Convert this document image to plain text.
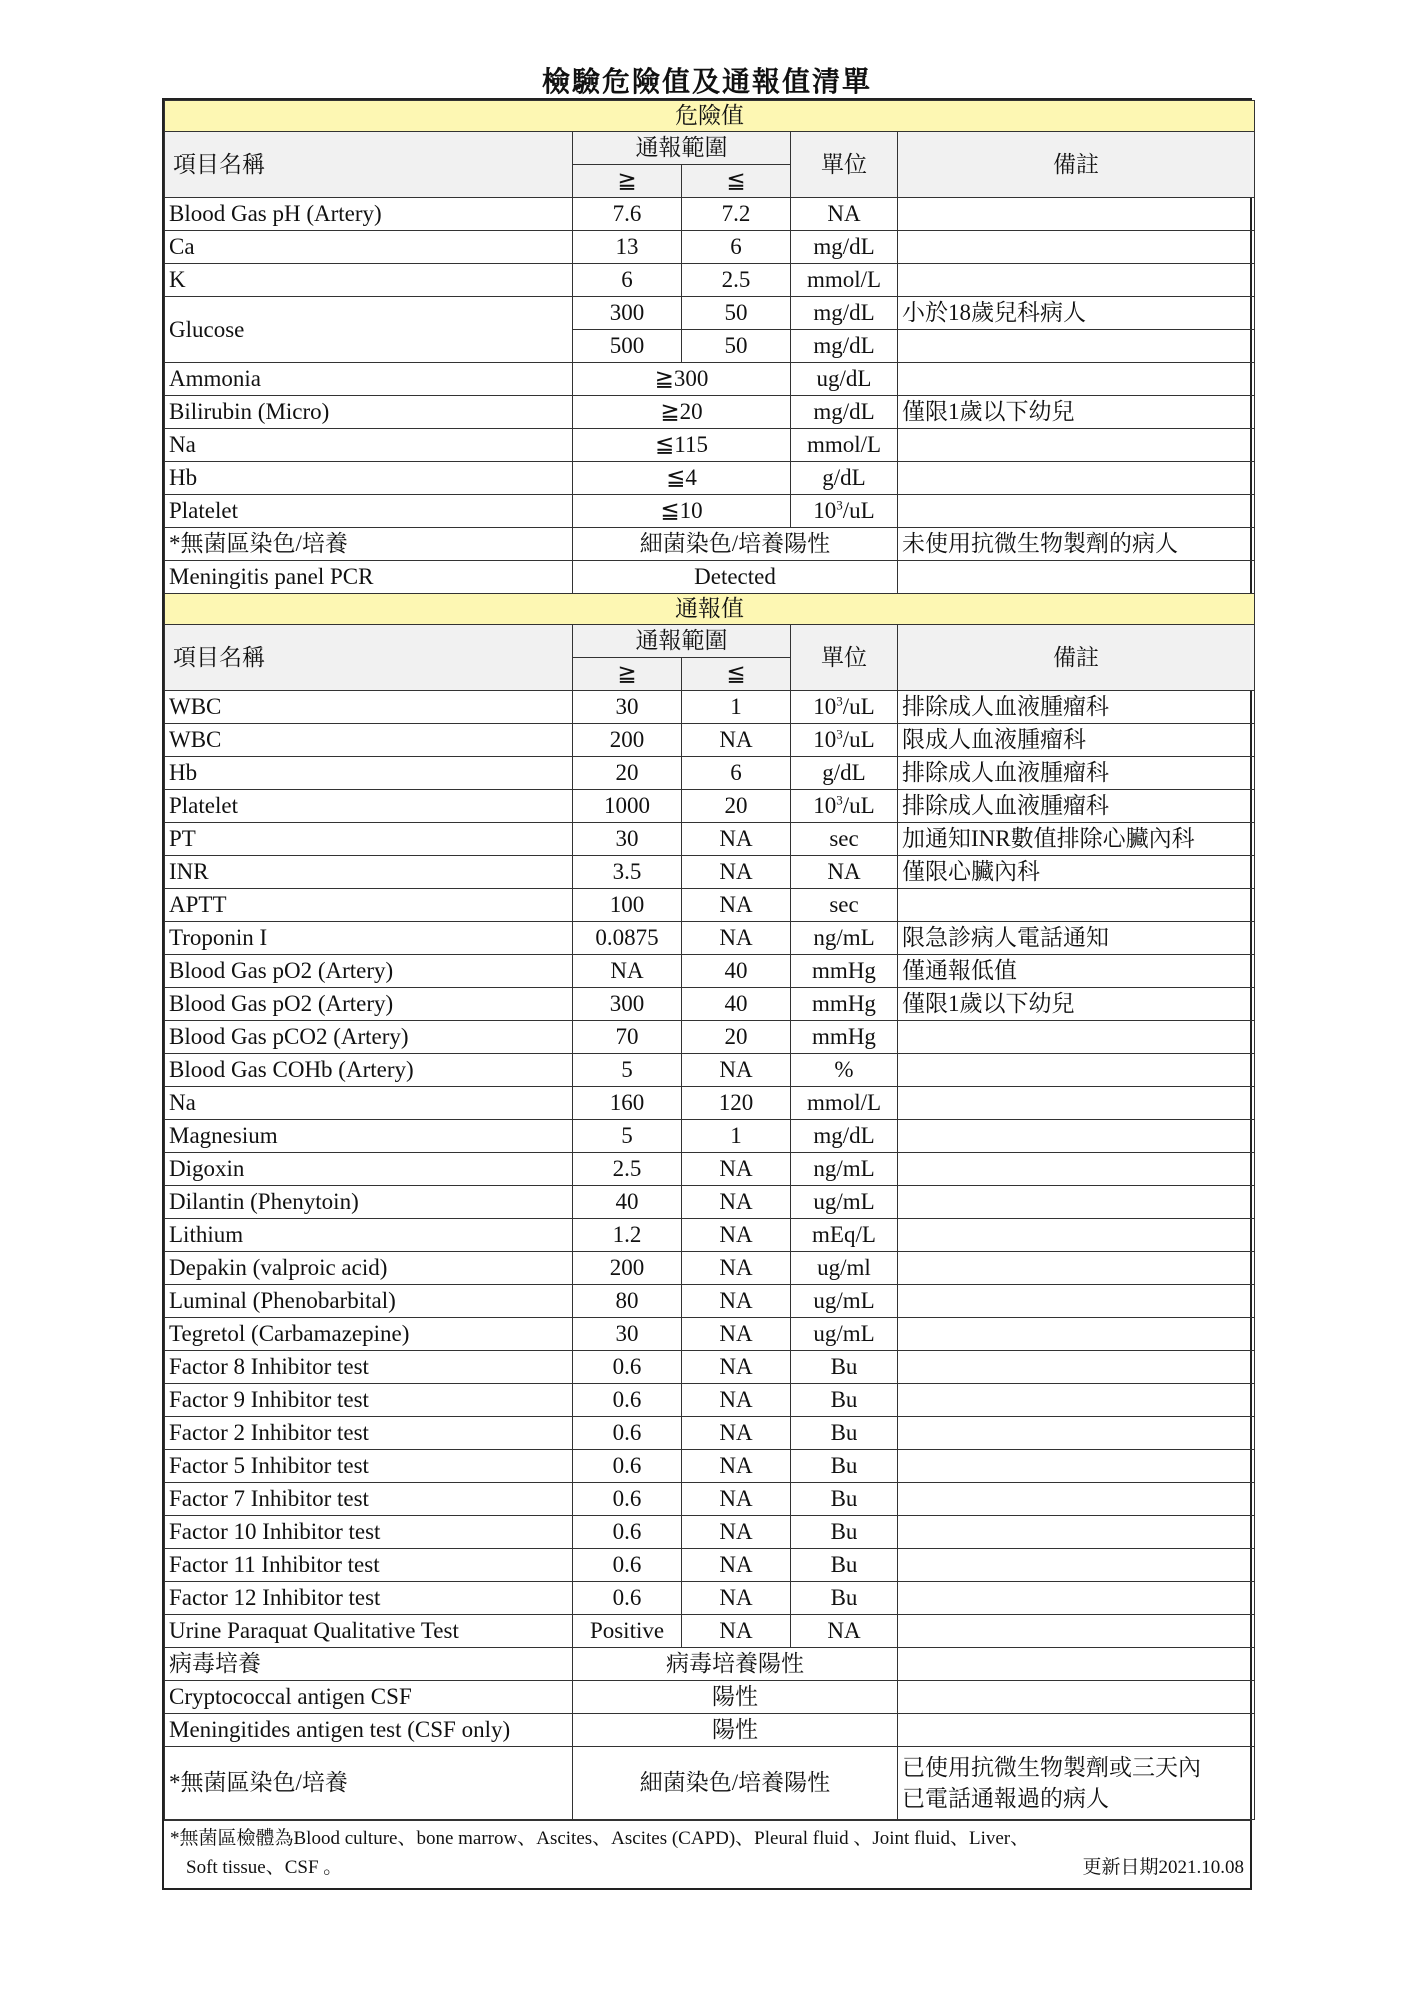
檢驗危險值及通報值清單
危險值				
項目名稱	通報範圍		單位	備註
	≧	≦		
Blood Gas pH (Artery)	7.6	7.2	NA	
Ca	13	6	mg/dL	
K	6	2.5	mmol/L	
Glucose	300	50	mg/dL	小於18歲兒科病人
	500	50	mg/dL	
Ammonia	≧300		ug/dL	
Bilirubin (Micro)	≧20		mg/dL	僅限1歲以下幼兒
Na	≦115		mmol/L	
Hb	≦4		g/dL	
Platelet	≦10		$10^3/uL$	
*無菌區染色/培養	細菌染色/培養陽性			未使用抗微生物製劑的病人
Meningitis panel PCR	Detected			
通報值				
項目名稱	通報範圍		單位	備註
	≧	≦		
WBC	30	1	$10^3/uL$	排除成人血液腫瘤科
WBC	200	NA	$10^3/uL$	限成人血液腫瘤科
Hb	20	6	g/dL	排除成人血液腫瘤科
Platelet	1000	20	$10^3/uL$	排除成人血液腫瘤科
PT	30	NA	sec	加通知INR數值排除心臟內科
INR	3.5	NA	NA	僅限心臟內科
APTT	100	NA	sec	
Troponin I	0.0875	NA	ng/mL	限急診病人電話通知
Blood Gas pO2 (Artery)	NA	40	mmHg	僅通報低值
Blood Gas pO2 (Artery)	300	40	mmHg	僅限1歲以下幼兒
Blood Gas pCO2 (Artery)	70	20	mmHg	
Blood Gas COHb (Artery)	5	NA	%	
Na	160	120	mmol/L	
Magnesium	5	1	mg/dL	
Digoxin	2.5	NA	ng/mL	
Dilantin (Phenytoin)	40	NA	ug/mL	
Lithium	1.2	NA	mEq/L	
Depakin (valproic acid)	200	NA	ug/ml	
Luminal (Phenobarbital)	80	NA	ug/mL	
Tegretol (Carbamazepine)	30	NA	ug/mL	
Factor 8 Inhibitor test	0.6	NA	Bu	
Factor 9 Inhibitor test	0.6	NA	Bu	
Factor 2 Inhibitor test	0.6	NA	Bu	
Factor 5 Inhibitor test	0.6	NA	Bu	
Factor 7 Inhibitor test	0.6	NA	Bu	
Factor 10 Inhibitor test	0.6	NA	Bu	
Factor 11 Inhibitor test	0.6	NA	Bu	
Factor 12 Inhibitor test	0.6	NA	Bu	
Urine Paraquat Qualitative Test	Positive	NA	NA	
病毒培養	病毒培養陽性			
Cryptococcal antigen CSF	陽性			
Meningitides antigen test (CSF only)	陽性			
*無菌區染色/培養	細菌染色/培養陽性			已使用抗微生物製劑或三天內
已電話通報過的病人
*無菌區檢體為Blood culture、bone marrow、Ascites、Ascites (CAPD)、Pleural fluid 、Joint fluid、Liver、
Soft tissue、CSF 。	更新日期2021.10.08
